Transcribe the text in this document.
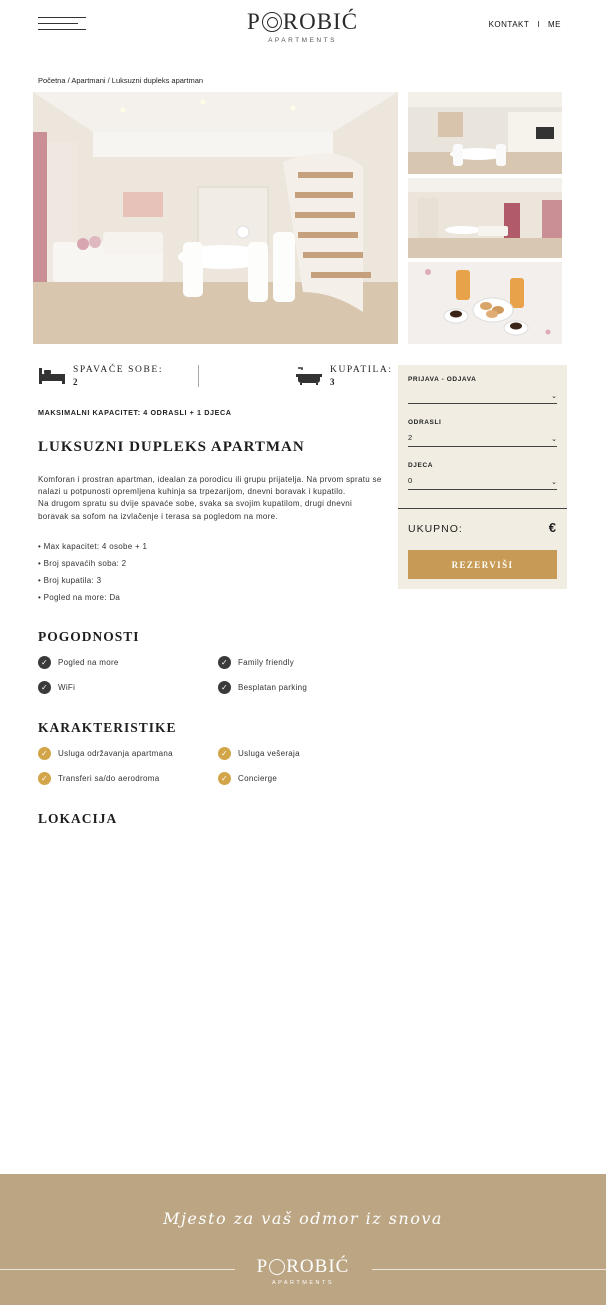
P ROBIĆ
APARTMENTS
KONTAKT I ME
Početna / Apartmani / Luksuzni dupleks apartman
SPAVAĆE SOBE:
2
KUPATILA:
3
MAKSIMALNI KAPACITET: 4 ODRASLI + 1 DJECA
LUKSUZNI DUPLEKS APARTMAN

Komforan i prostran apartman, idealan za porodicu ili grupu prijatelja. Na prvom spratu se nalazi u potpunosti opremljena kuhinja sa trpezarijom, dnevni boravak i kupatilo.

Na drugom spratu su dvije spavaće sobe, svaka sa svojim kupatilom, drugi dnevni boravak sa sofom na izvlačenje i terasa sa pogledom na more.

• Max kapacitet: 4 osobe + 1
• Broj spavaćih soba: 2
• Broj kupatila: 3
• Pogled na more: Da
POGODNOSTI
✓	Pogled na more	✓	Family friendly
✓	WiFi	✓	Besplatan parking
KARAKTERISTIKE
✓	Usluga održavanja apartmana	✓	Usluga vešeraja
✓	Transferi sa/do aerodroma	✓	Concierge
LOKACIJA
PRIJAVA - ODJAVA
⌄
ODRASLI
2	⌄
DJECA
0	⌄
UKUPNO:	€
REZERVIŠI
Mjesto za vaš odmor iz snova
P ROBIĆ
APARTMENTS
